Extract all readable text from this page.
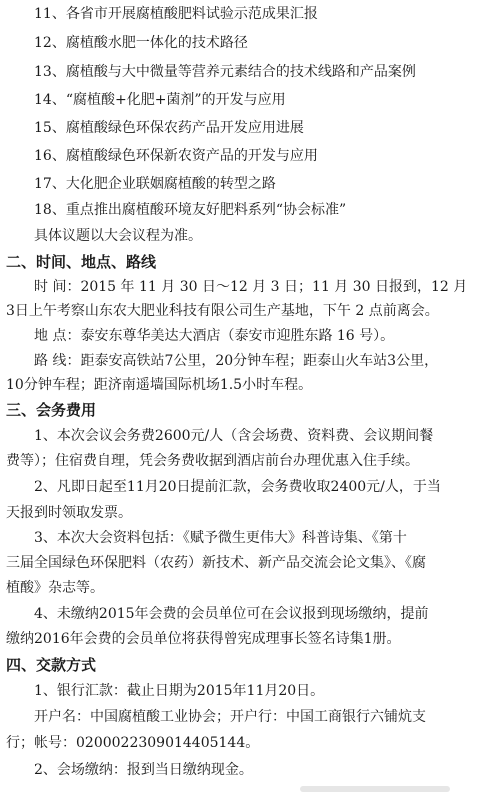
11、各省市开展腐植酸肥料试验示范成果汇报
12、腐植酸水肥一体化的技术路径
13、腐植酸与大中微量等营养元素结合的技术线路和产品案例
14、“腐植酸+化肥+菌剂”的开发与应用
15、腐植酸绿色环保农药产品开发应用进展
16、腐植酸绿色环保新农资产品的开发与应用
17、大化肥企业联姻腐植酸的转型之路
18、重点推出腐植酸环境友好肥料系列“协会标准”
具体议题以大会议程为准。
二、时间、地点、路线
时 间：2015 年 11 月 30 日～12 月 3 日；11 月 30 日报到，12 月
3日上午考察山东农大肥业科技有限公司生产基地，下午 2 点前离会。
地 点：泰安东尊华美达大酒店（泰安市迎胜东路 16 号）。
路 线：距泰安高铁站7公里，20分钟车程；距泰山火车站3公里，
10分钟车程；距济南遥墙国际机场1.5小时车程。
三、会务费用
1、本次会议会务费2600元/人（含会场费、资料费、会议期间餐
费等）；住宿费自理，凭会务费收据到酒店前台办理优惠入住手续。
2、凡即日起至11月20日提前汇款，会务费收取2400元/人，于当
天报到时领取发票。
3、本次大会资料包括：《赋予微生更伟大》科普诗集、《第十
三届全国绿色环保肥料（农药）新技术、新产品交流会论文集》、《腐
植酸》杂志等。
4、未缴纳2015年会费的会员单位可在会议报到现场缴纳，提前
缴纳2016年会费的会员单位将获得曾宪成理事长签名诗集1册。
四、交款方式
1、银行汇款：截止日期为2015年11月20日。
开户名：中国腐植酸工业协会；开户行：中国工商银行六铺炕支
行；帐号：0200022309014405144。
2、会场缴纳：报到当日缴纳现金。
